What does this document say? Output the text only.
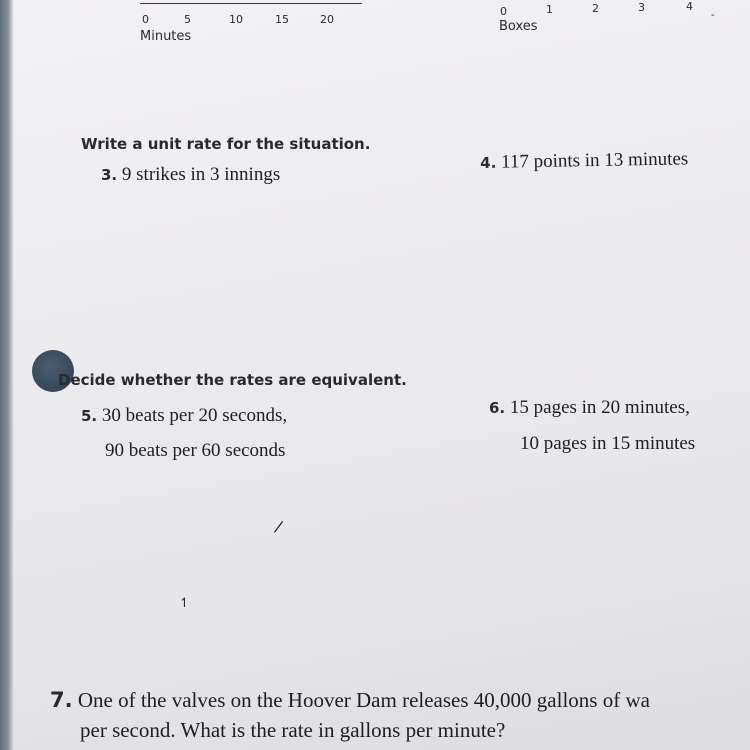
0	5	10	15	20
Minutes
0	1	2	3	4
Boxes
‐
Write a unit rate for the situation.
3. 9 strikes in 3 innings
4. 117 points in 13 minutes
Decide whether the rates are equivalent.
5. 30 beats per 20 seconds,
90 beats per 60 seconds
6. 15 pages in 20 minutes,
10 pages in 15 minutes
/
↿
7. One of the valves on the Hoover Dam releases 40,000 gallons of wa
per second. What is the rate in gallons per minute?
